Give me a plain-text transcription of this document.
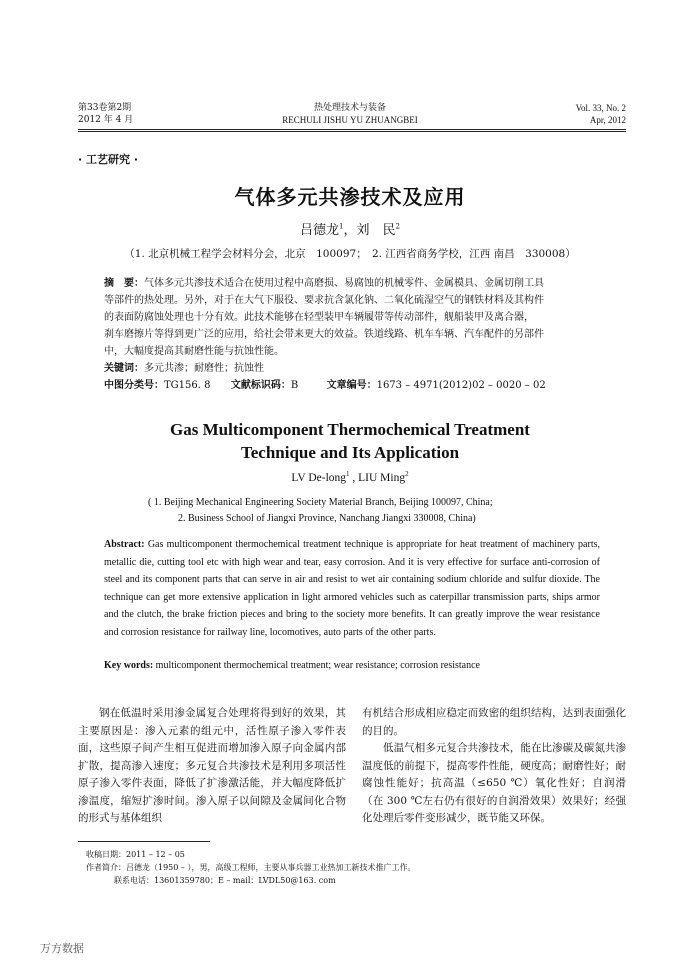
第33卷第2期
2012 年 4 月
热处理技术与装备
RECHULI JISHU YU ZHUANGBEI
Vol. 33, No. 2
Apr, 2012
· 工艺研究 ·
气体多元共渗技术及应用
吕德龙$^1$，刘　民$^2$
（1. 北京机械工程学会材料分会，北京　100097；　2. 江西省商务学校，江西 南昌　330008）
摘　要：气体多元共渗技术适合在使用过程中高磨损、易腐蚀的机械零件、金属模具、金属切削工具
等部件的热处理。另外，对于在大气下服役、要求抗含氯化钠、二氧化硫湿空气的钢铁材料及其构件
的表面防腐蚀处理也十分有效。此技术能够在轻型装甲车辆履带等传动部件，舰船装甲及离合器，
刹车磨擦片等得到更广泛的应用，给社会带来更大的效益。铁道线路、机车车辆、汽车配件的另部件
中，大幅度提高其耐磨性能与抗蚀性能。
关键词：多元共渗；耐磨性；抗蚀性
中图分类号：TG156. 8 文献标识码：B	文章编号：1673 – 4971(2012)02 – 0020 – 02
Gas Multicomponent Thermochemical Treatment
Technique and Its Application
LV De-long$^1$ , LIU Ming$^2$
( 1. Beijing Mechanical Engineering Society Material Branch, Beijing 100097, China;
2. Business School of Jiangxi Province, Nanchang Jiangxi 330008, China)
Abstract: Gas multicomponent thermochemical treatment technique is appropriate for heat treatment of machinery parts, metallic die, cutting tool etc with high wear and tear, easy corrosion. And it is very effective for surface anti-corrosion of steel and its component parts that can serve in air and resist to wet air containing sodium chloride and sulfur dioxide. The technique can get more extensive application in light armored vehicles such as caterpillar transmission parts, ships armor and the clutch, the brake friction pieces and bring to the society more benefits. It can greatly improve the wear resistance and corrosion resistance for railway line, locomotives, auto parts of the other parts.
Key words: multicomponent thermochemical treatment; wear resistance; corrosion resistance
钢在低温时采用渗金属复合处理将得到好的效果，其主要原因是：渗入元素的组元中，活性原子渗入零件表面，这些原子间产生相互促进而增加渗入原子向金属内部扩散，提高渗入速度；多元复合共渗技术是利用多项活性原子渗入零件表面，降低了扩渗激活能，并大幅度降低扩渗温度，缩短扩渗时间。渗入原子以间隙及金属间化合物的形式与基体组织
有机结合形成相应稳定而致密的组织结构，达到表面强化的目的。
低温气相多元复合共渗技术，能在比渗碳及碳氮共渗温度低的前提下，提高零件性能，硬度高；耐磨性好；耐腐蚀性能好；抗高温（≤650 ℃）氧化性好；自润滑（在 300 ℃左右仍有很好的自润滑效果）效果好；经强化处理后零件变形减少，既节能又环保。
收稿日期：2011 – 12 – 05
作者简介：吕德龙（1950 – ），男，高级工程师，主要从事兵器工业热加工新技术推广工作。
联系电话：13601359780；E – mail：LVDL50@163. com
万方数据
